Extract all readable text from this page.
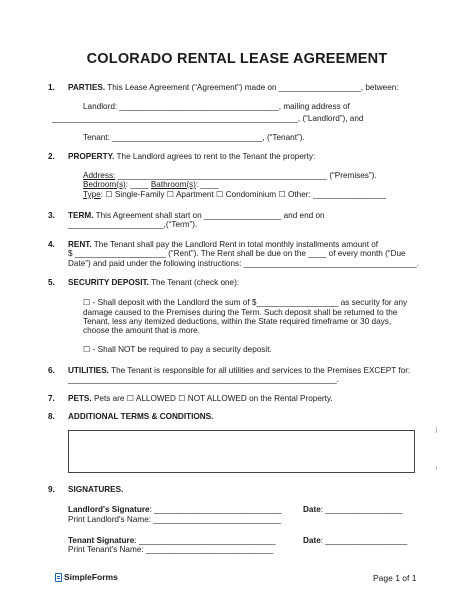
COLORADO RENTAL LEASE AGREEMENT
1. PARTIES. This Lease Agreement (“Agreement”) made on __________________, between:
Landlord: ___________________________________, mailing address of
______________________________________________________, (“Landlord”), and
Tenant: _________________________________, (“Tenant”).
2. PROPERTY. The Landlord agrees to rent to the Tenant the property:
Address: ______________________________________________ (“Premises”).
Bedroom(s): ____ Bathroom(s): ____
Type: ☐ Single-Family ☐ Apartment ☐ Condominium ☐ Other: ________________
3. TERM. This Agreement shall start on _________________ and end on
_____________________,(“Term”).
4. RENT. The Tenant shall pay the Landlord Rent in total monthly installments amount of
$ ____________________ (“Rent”). The Rent shall be due on the ____ of every month (“Due
Date”) and paid under the following instructions: ______________________________________.
5. SECURITY DEPOSIT. The Tenant (check one):
☐ - Shall deposit with the Landlord the sum of $__________________ as security for any
damage caused to the Premises during the Term. Such deposit shall be returned to the
Tenant, less any itemized deductions, within the State required timeframe or 30 days,
choose the amount that is more.
☐ - Shall NOT be required to pay a security deposit.
6. UTILITIES. The Tenant is responsible for all utilities and services to the Premises EXCEPT for:
___________________________________________________________.
7. PETS. Pets are ☐ ALLOWED ☐ NOT ALLOWED on the Rental Property.
8. ADDITIONAL TERMS & CONDITIONS.
9. SIGNATURES.
Landlord's Signature: ____________________________	Date: _________________
Print Landlord's Name: ____________________________
Tenant Signature: ______________________________	Date: __________________
Print Tenant's Name: ____________________________
SimpleForms	Page 1 of 1
